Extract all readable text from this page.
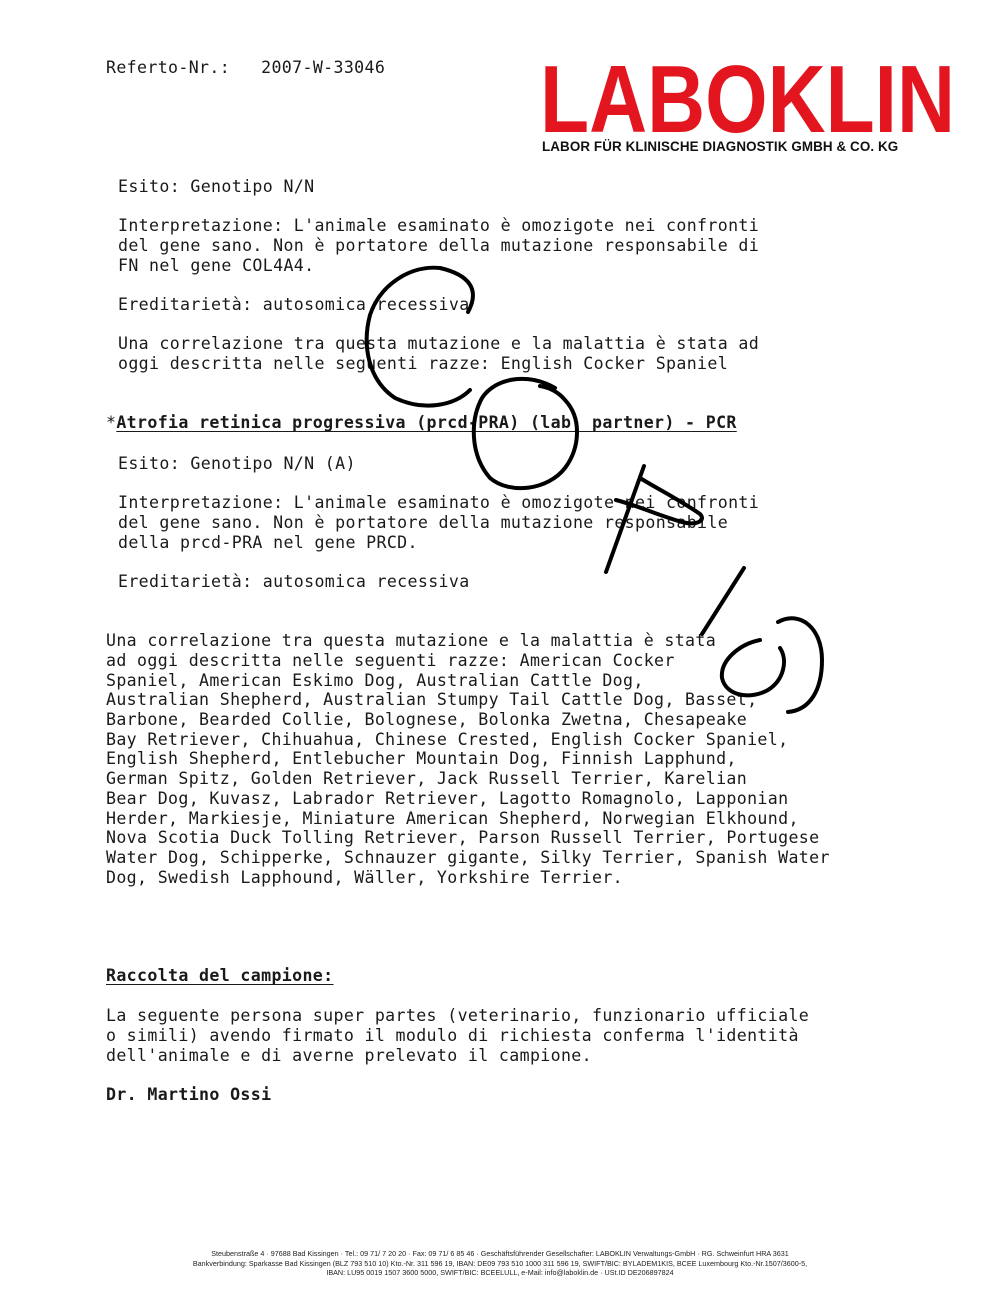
Referto-Nr.: 2007-W-33046 LABOKLIN
LABOR FÜR KLINISCHE DIAGNOSTIK GMBH & CO. KG
Esito: Genotipo N/N
Interpretazione: L'animale esaminato è omozigote nei confronti
del gene sano. Non è portatore della mutazione responsabile di
FN nel gene COL4A4.
Ereditarietà: autosomica recessiva
Una correlazione tra questa mutazione e la malattia è stata ad
oggi descritta nelle seguenti razze: English Cocker Spaniel
*Atrofia retinica progressiva (prcd-PRA) (lab. partner) - PCR
Esito: Genotipo N/N (A)
Interpretazione: L'animale esaminato è omozigote nei confronti
del gene sano. Non è portatore della mutazione responsabile
della prcd-PRA nel gene PRCD.
Ereditarietà: autosomica recessiva
Una correlazione tra questa mutazione e la malattia è stata
ad oggi descritta nelle seguenti razze: American Cocker
Spaniel, American Eskimo Dog, Australian Cattle Dog,
Australian Shepherd, Australian Stumpy Tail Cattle Dog, Basset,
Barbone, Bearded Collie, Bolognese, Bolonka Zwetna, Chesapeake
Bay Retriever, Chihuahua, Chinese Crested, English Cocker Spaniel,
English Shepherd, Entlebucher Mountain Dog, Finnish Lapphund,
German Spitz, Golden Retriever, Jack Russell Terrier, Karelian
Bear Dog, Kuvasz, Labrador Retriever, Lagotto Romagnolo, Lapponian
Herder, Markiesje, Miniature American Shepherd, Norwegian Elkhound,
Nova Scotia Duck Tolling Retriever, Parson Russell Terrier, Portugese
Water Dog, Schipperke, Schnauzer gigante, Silky Terrier, Spanish Water
Dog, Swedish Lapphound, Wäller, Yorkshire Terrier.
Raccolta del campione:
La seguente persona super partes (veterinario, funzionario ufficiale
o simili) avendo firmato il modulo di richiesta conferma l'identità
dell'animale e di averne prelevato il campione.
Dr. Martino Ossi
Steubenstraße 4 · 97688 Bad Kissingen · Tel.: 09 71/ 7 20 20 · Fax: 09 71/ 6 85 46 · Geschäftsführender Gesellschafter: LABOKLIN Verwaltungs-GmbH · RG. Schweinfurt HRA 3631
Bankverbindung: Sparkasse Bad Kissingen (BLZ 793 510 10) Kto.-Nr. 311 596 19, IBAN: DE09 793 510 1000 311 596 19, SWIFT/BIC: BYLADEM1KIS, BCEE Luxembourg Kto.-Nr.1507/3600-5,
IBAN: LU95 0019 1507 3600 5000, SWIFT/BIC: BCEELULL, e-Mail: info@laboklin.de · USt.ID DE206897824
